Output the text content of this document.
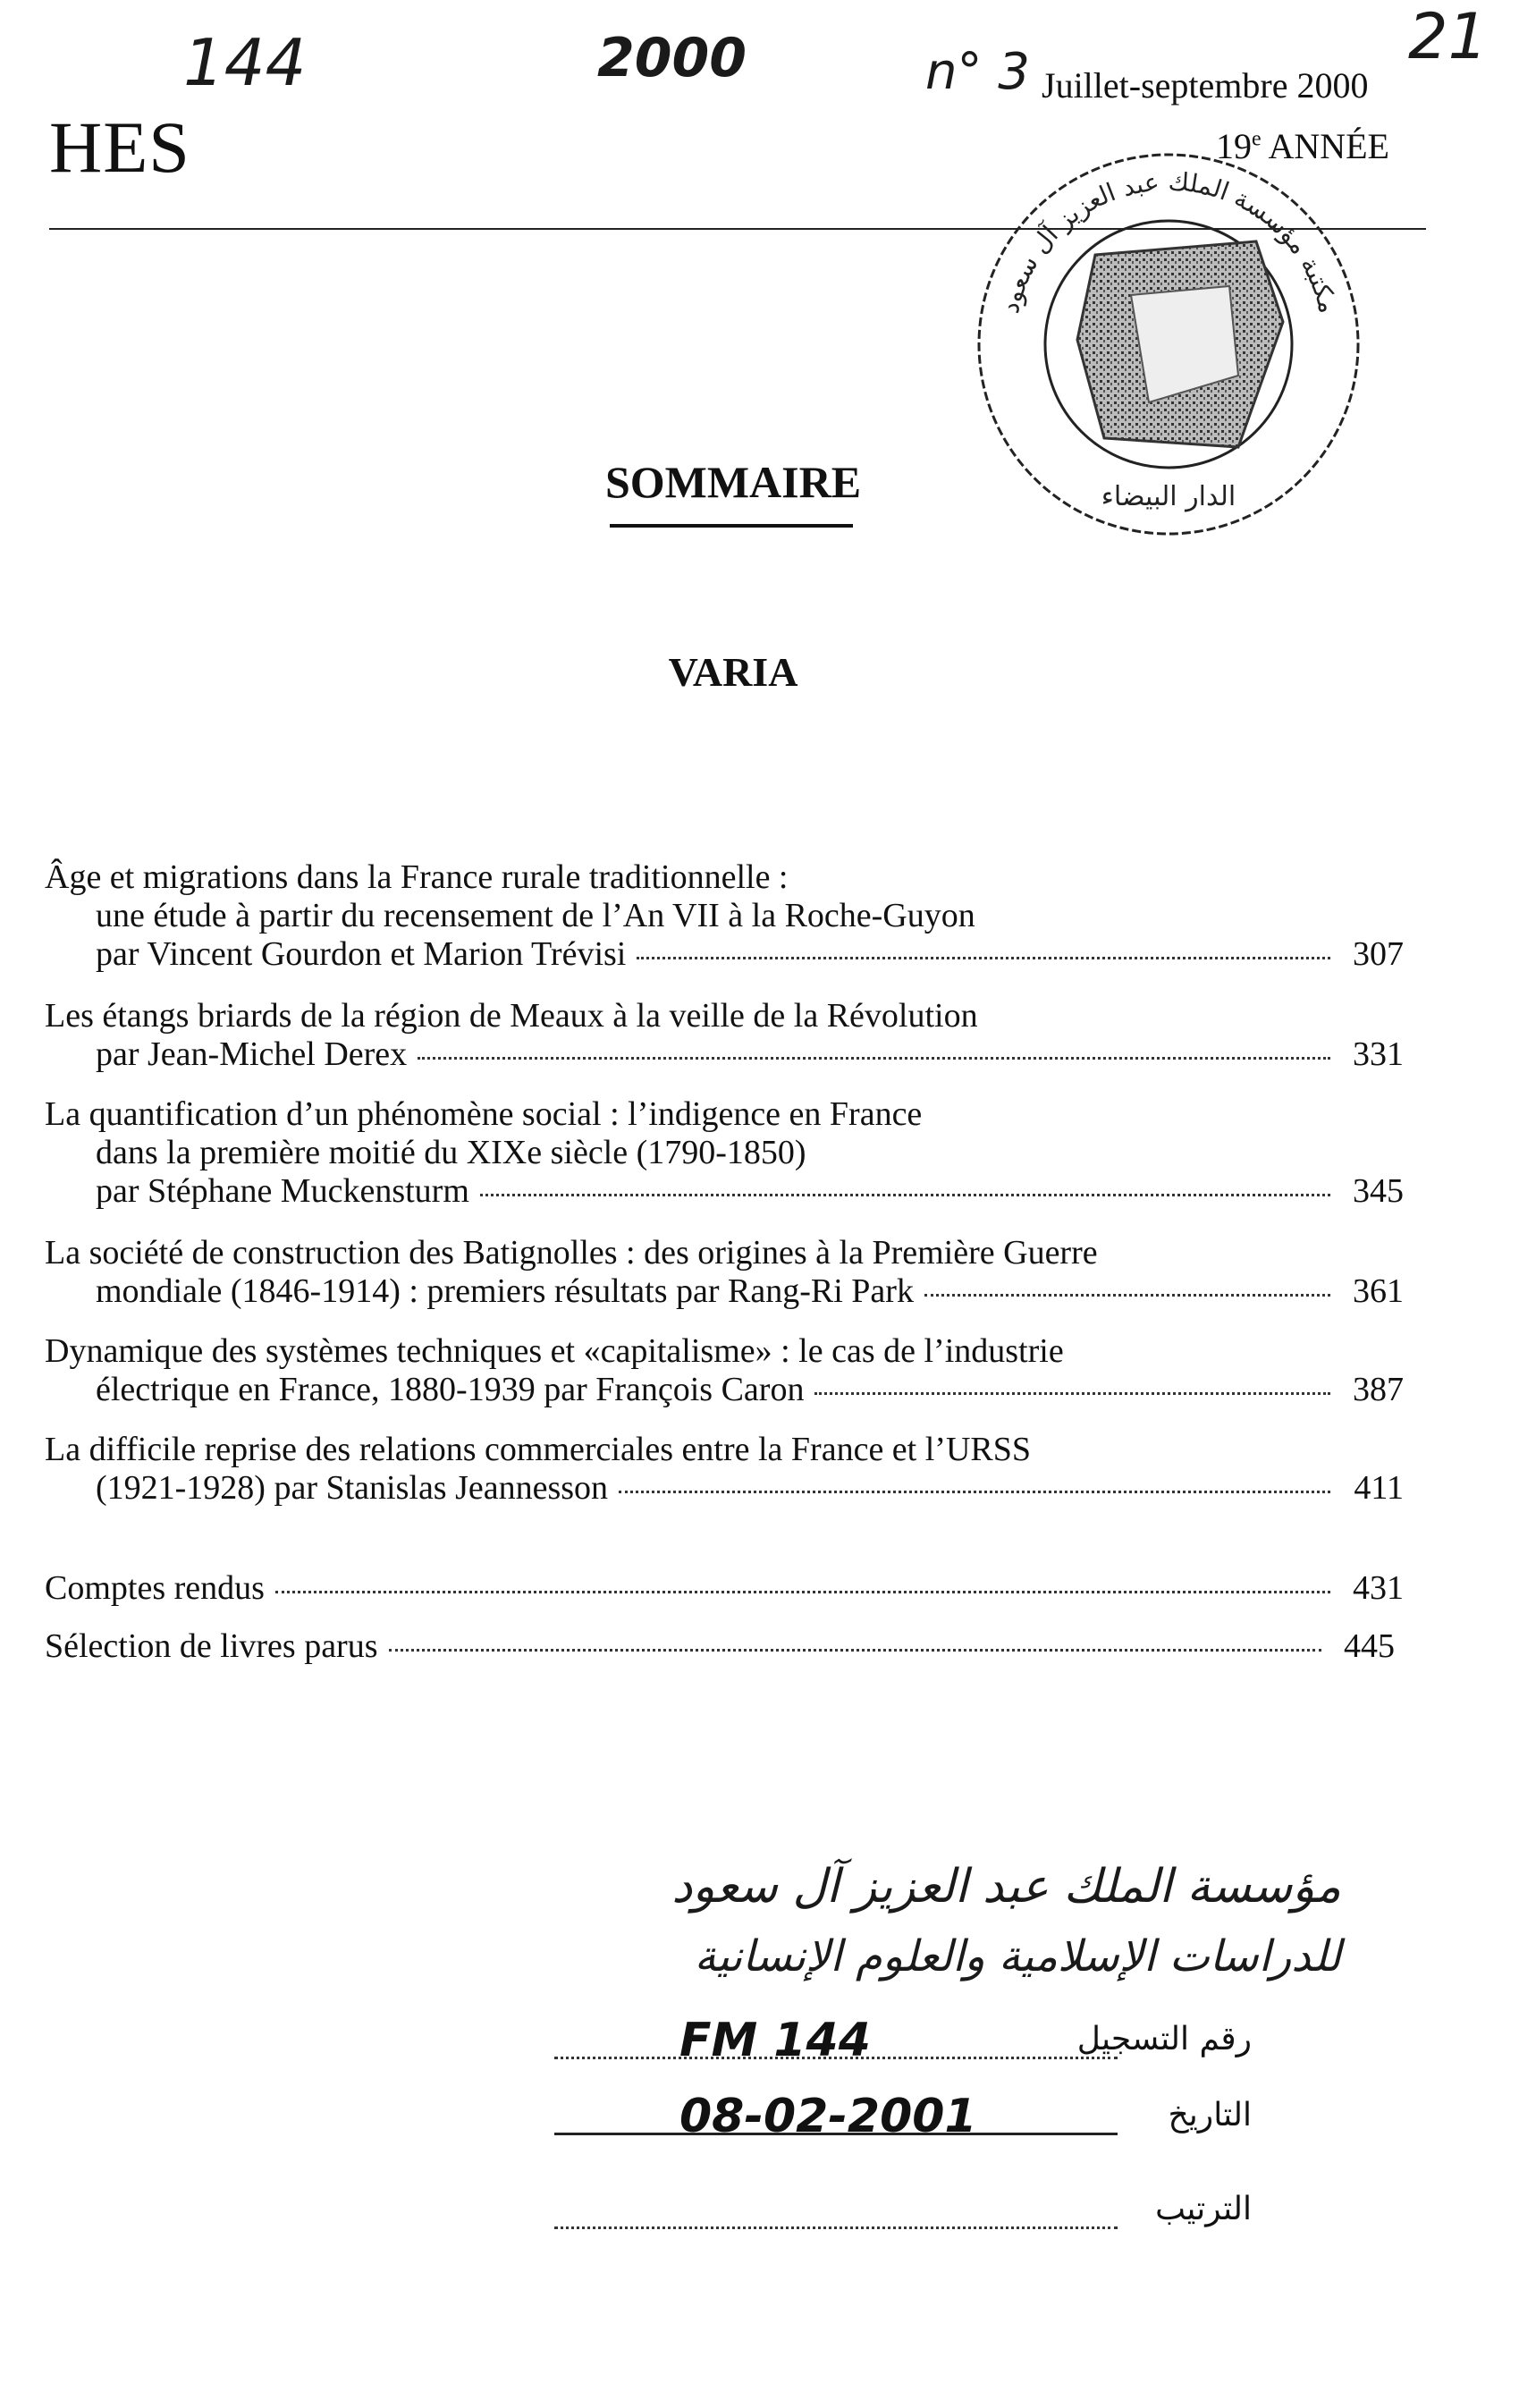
HES
144	2000	n° 3	21
Juillet-septembre 2000
19e ANNÉE
مكتبة مؤسسة الملك عبد العزيز آل سعود
الدار البيضاء
SOMMAIRE
VARIA
Âge et migrations dans la France rurale traditionnelle :
une étude à partir du recensement de l’An VII à la Roche-Guyon
par Vincent Gourdon et Marion Trévisi	307
Les étangs briards de la région de Meaux à la veille de la Révolution
par Jean-Michel Derex	331
La quantification d’un phénomène social : l’indigence en France
dans la première moitié du XIXe siècle (1790-1850)
par Stéphane Muckensturm	345
La société de construction des Batignolles : des origines à la Première Guerre
mondiale (1846-1914) : premiers résultats par Rang-Ri Park	361
Dynamique des systèmes techniques et «capitalisme» : le cas de l’industrie
électrique en France, 1880-1939 par François Caron	387
La difficile reprise des relations commerciales entre la France et l’URSS
(1921-1928) par Stanislas Jeannesson	411
Comptes rendus	431
Sélection de livres parus	445
مؤسسة الملك عبد العزيز آل سعود
للدراسات الإسلامية والعلوم الإنسانية
FM 144	رقم التسجيل
08-02-2001	التاريخ
الترتيب
